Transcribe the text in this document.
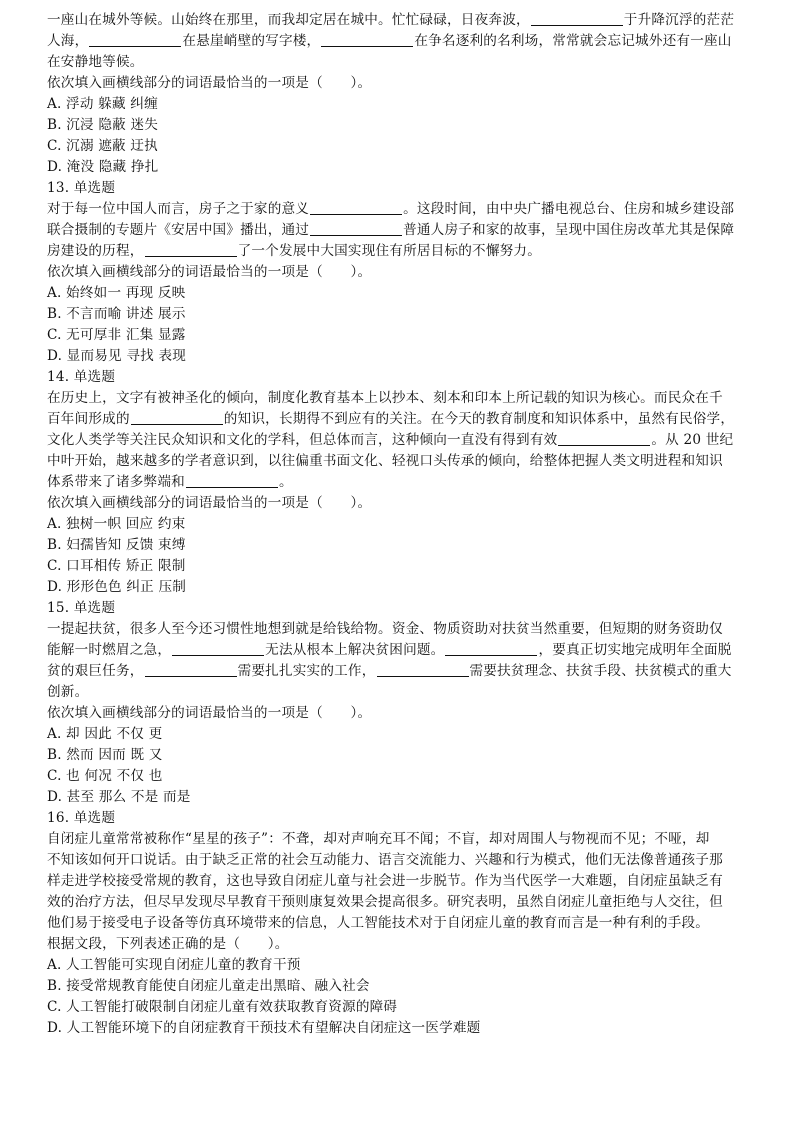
一座山在城外等候。山始终在那里，而我却定居在城中。忙忙碌碌，日夜奔波，	于升降沉浮的茫茫
人海，	在悬崖峭壁的写字楼，	在争名逐利的名利场，常常就会忘记城外还有一座山
在安静地等候。
依次填入画横线部分的词语最恰当的一项是（　　）。
A. 浮动 躲藏 纠缠
B. 沉浸 隐蔽 迷失
C. 沉溺 遮蔽 迂执
D. 淹没 隐藏 挣扎
13. 单选题
对于每一位中国人而言，房子之于家的意义	。这段时间，由中央广播电视总台、住房和城乡建设部
联合摄制的专题片《安居中国》播出，通过	普通人房子和家的故事，呈现中国住房改革尤其是保障
房建设的历程，	了一个发展中大国实现住有所居目标的不懈努力。
依次填入画横线部分的词语最恰当的一项是（　　）。
A. 始终如一 再现 反映
B. 不言而喻 讲述 展示
C. 无可厚非 汇集 显露
D. 显而易见 寻找 表现
14. 单选题
在历史上，文字有被神圣化的倾向，制度化教育基本上以抄本、刻本和印本上所记载的知识为核心。而民众在千
百年间形成的	的知识，长期得不到应有的关注。在今天的教育制度和知识体系中，虽然有民俗学，
文化人类学等关注民众知识和文化的学科，但总体而言，这种倾向一直没有得到有效	。从 20 世纪
中叶开始，越来越多的学者意识到，以往偏重书面文化、轻视口头传承的倾向，给整体把握人类文明进程和知识
体系带来了诸多弊端和	。
依次填入画横线部分的词语最恰当的一项是（　　）。
A. 独树一帜 回应 约束
B. 妇孺皆知 反馈 束缚
C. 口耳相传 矫正 限制
D. 形形色色 纠正 压制
15. 单选题
一提起扶贫，很多人至今还习惯性地想到就是给钱给物。资金、物质资助对扶贫当然重要，但短期的财务资助仅
能解一时燃眉之急，	无法从根本上解决贫困问题。	，要真正切实地完成明年全面脱
贫的艰巨任务，	需要扎扎实实的工作，	需要扶贫理念、扶贫手段、扶贫模式的重大
创新。
依次填入画横线部分的词语最恰当的一项是（　　）。
A. 却 因此 不仅 更
B. 然而 因而 既 又
C. 也 何况 不仅 也
D. 甚至 那么 不是 而是
16. 单选题
自闭症儿童常常被称作“星星的孩子”：不聋，却对声响充耳不闻；不盲，却对周围人与物视而不见；不哑，却
不知该如何开口说话。由于缺乏正常的社会互动能力、语言交流能力、兴趣和行为模式，他们无法像普通孩子那
样走进学校接受常规的教育，这也导致自闭症儿童与社会进一步脱节。作为当代医学一大难题，自闭症虽缺乏有
效的治疗方法，但尽早发现尽早教育干预则康复效果会提高很多。研究表明，虽然自闭症儿童拒绝与人交往，但
他们易于接受电子设备等仿真环境带来的信息，人工智能技术对于自闭症儿童的教育而言是一种有利的手段。
根据文段，下列表述正确的是（　　）。
A. 人工智能可实现自闭症儿童的教育干预
B. 接受常规教育能使自闭症儿童走出黑暗、融入社会
C. 人工智能打破限制自闭症儿童有效获取教育资源的障碍
D. 人工智能环境下的自闭症教育干预技术有望解决自闭症这一医学难题
